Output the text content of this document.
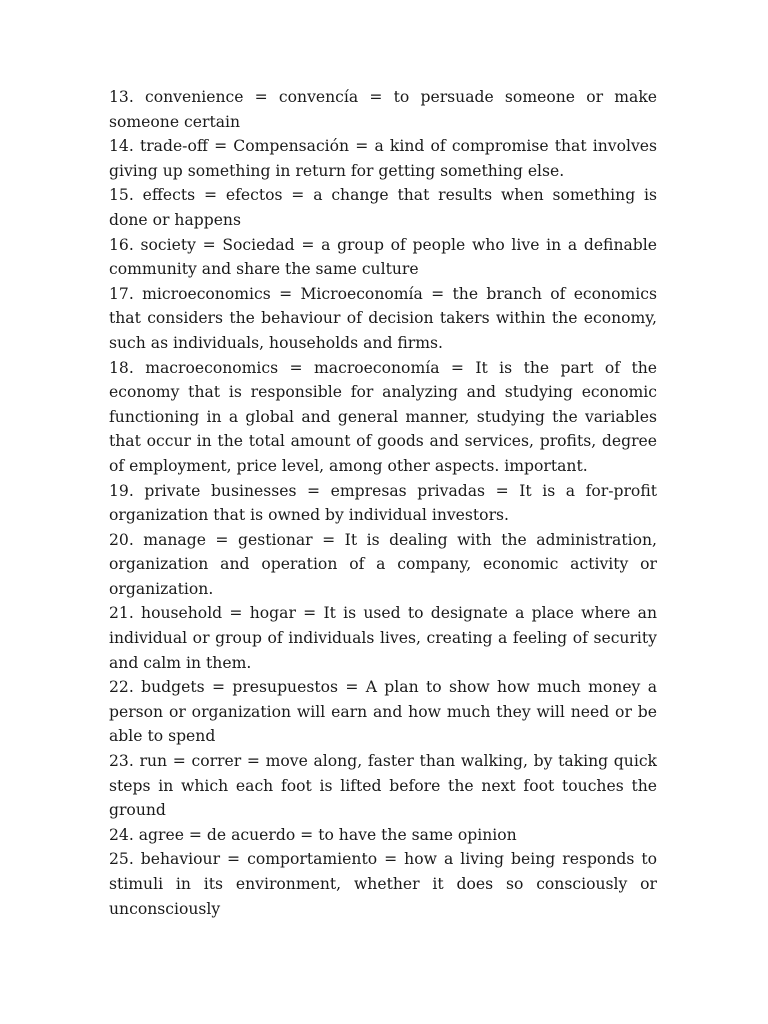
13. convenience = convencía = to persuade someone or make someone certain

14. trade-off = Compensación = a kind of compromise that involves giving up something in return for getting something else.

15. effects = efectos = a change that results when something is done or happens

16. society = Sociedad = a group of people who live in a definable community and share the same culture

17. microeconomics = Microeconomía = the branch of economics that considers the behaviour of decision takers within the economy, such as individuals, households and firms.

18. macroeconomics = macroeconomía = It is the part of the economy that is responsible for analyzing and studying economic functioning in a global and general manner, studying the variables that occur in the total amount of goods and services, profits, degree of employment, price level, among other aspects. important.

19. private businesses = empresas privadas = It is a for-profit organization that is owned by individual investors.

20. manage = gestionar = It is dealing with the administration, organization and operation of a company, economic activity or organization.

21. household = hogar = It is used to designate a place where an individual or group of individuals lives, creating a feeling of security and calm in them.

22. budgets = presupuestos = A plan to show how much money a person or organization will earn and how much they will need or be able to spend

23. run = correr = move along, faster than walking, by taking quick steps in which each foot is lifted before the next foot touches the ground

24. agree = de acuerdo = to have the same opinion

25. behaviour = comportamiento = how a living being responds to stimuli in its environment, whether it does so consciously or unconsciously
